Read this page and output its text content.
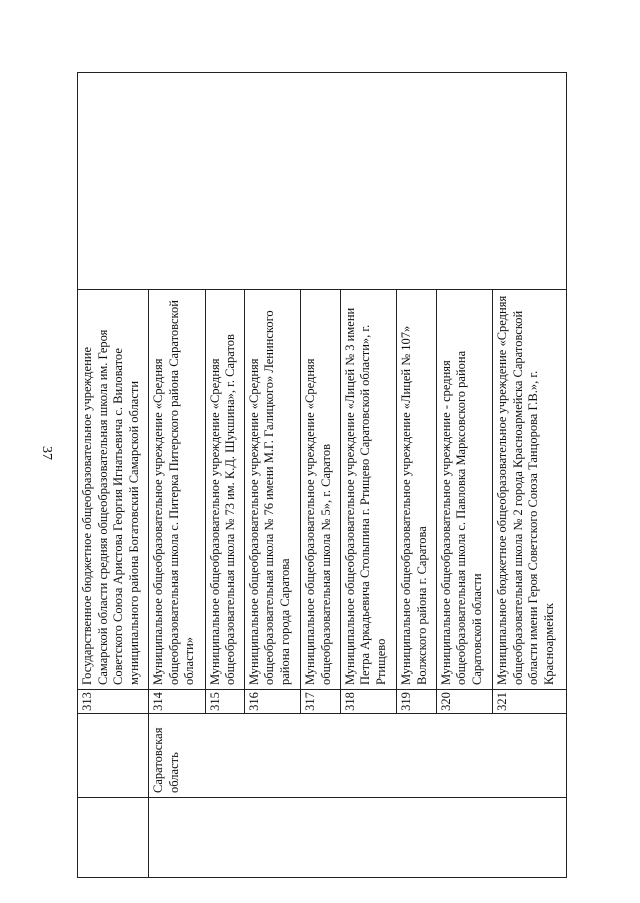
37
		313	Государственное бюджетное общеобразовательное учреждение Самарской области средняя общеобразовательная школа им. Героя Советского Союза Аристова Георгия Игнатьевича с. Виловатое муниципального района Богатовский Самарской области	
	Саратовская область	314	Муниципальное общеобразовательное учреждение «Средняя общеобразовательная школа с. Питерка Питерского района Саратовской области»	
		315	Муниципальное общеобразовательное учреждение «Средняя общеобразовательная школа № 73 им. К.Д. Шукшина», г. Саратов	
		316	Муниципальное общеобразовательное учреждение «Средняя общеобразовательная школа № 76 имени М.Г. Галицкого» Ленинского района города Саратова	
		317	Муниципальное общеобразовательное учреждение «Средняя общеобразовательная школа № 5», г. Саратов	
		318	Муниципальное общеобразовательное учреждение «Лицей № 3 имени Петра Аркадьевича Столыпина г. Ртищево Саратовской области», г. Ртищево	
		319	Муниципальное общеобразовательное учреждение «Лицей № 107» Волжского района г. Саратова	
		320	Муниципальное общеобразовательное учреждение - средняя общеобразовательная школа с. Павловка Марксовского района Саратовской области	
		321	Муниципальное бюджетное общеобразовательное учреждение «Средняя общеобразовательная школа № 2 города Красноармейска Саратовской области имени Героя Советского Союза Танцорова Г.В.», г. Красноармейск	
